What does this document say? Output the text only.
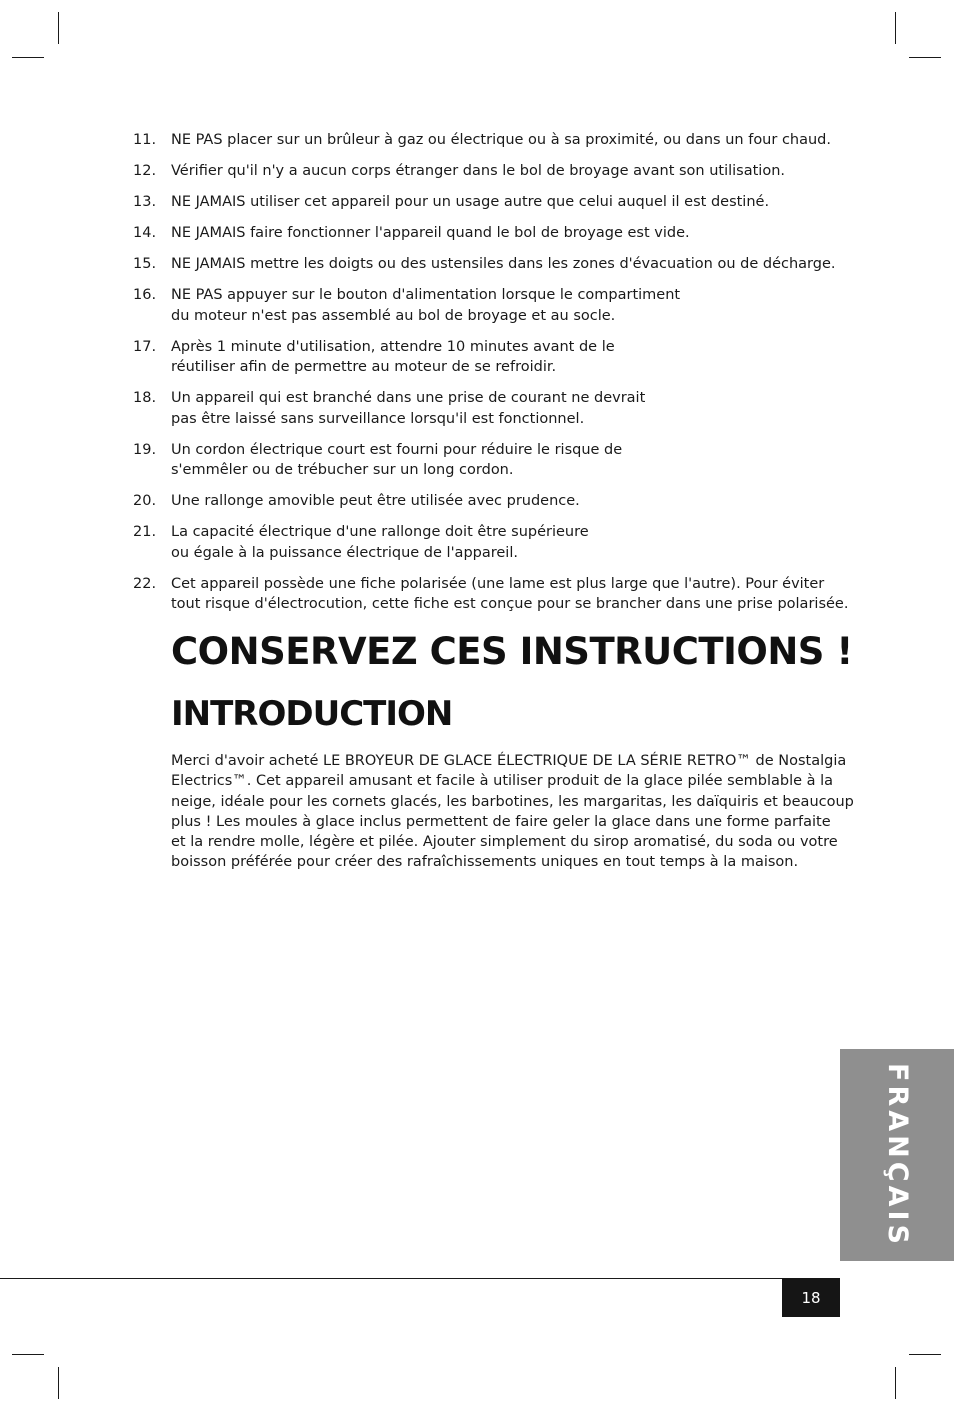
11.	NE PAS placer sur un brûleur à gaz ou électrique ou à sa proximité, ou dans un four chaud.
12.	Vérifier qu'il n'y a aucun corps étranger dans le bol de broyage avant son utilisation.
13.	NE JAMAIS utiliser cet appareil pour un usage autre que celui auquel il est destiné.
14.	NE JAMAIS faire fonctionner l'appareil quand le bol de broyage est vide.
15.	NE JAMAIS mettre les doigts ou des ustensiles dans les zones d'évacuation ou de décharge.
16.	NE PAS appuyer sur le bouton d'alimentation lorsque le compartiment
du moteur n'est pas assemblé au bol de broyage et au socle.
17.	Après 1 minute d'utilisation, attendre 10 minutes avant de le
réutiliser afin de permettre au moteur de se refroidir.
18.	Un appareil qui est branché dans une prise de courant ne devrait
pas être laissé sans surveillance lorsqu'il est fonctionnel.
19.	Un cordon électrique court est fourni pour réduire le risque de
s'emmêler ou de trébucher sur un long cordon.
20.	Une rallonge amovible peut être utilisée avec prudence.
21.	La capacité électrique d'une rallonge doit être supérieure
ou égale à la puissance électrique de l'appareil.
22.	Cet appareil possède une fiche polarisée (une lame est plus large que l'autre). Pour éviter
tout risque d'électrocution, cette fiche est conçue pour se brancher dans une prise polarisée.
CONSERVEZ CES INSTRUCTIONS !
INTRODUCTION

Merci d'avoir acheté LE BROYEUR DE GLACE ÉLECTRIQUE DE LA SÉRIE RETRO™ de Nostalgia
Electrics™. Cet appareil amusant et facile à utiliser produit de la glace pilée semblable à la
neige, idéale pour les cornets glacés, les barbotines, les margaritas, les daïquiris et beaucoup
plus ! Les moules à glace inclus permettent de faire geler la glace dans une forme parfaite
et la rendre molle, légère et pilée. Ajouter simplement du sirop aromatisé, du soda ou votre
boisson préférée pour créer des rafraîchissements uniques en tout temps à la maison.

FRANÇAIS
18
